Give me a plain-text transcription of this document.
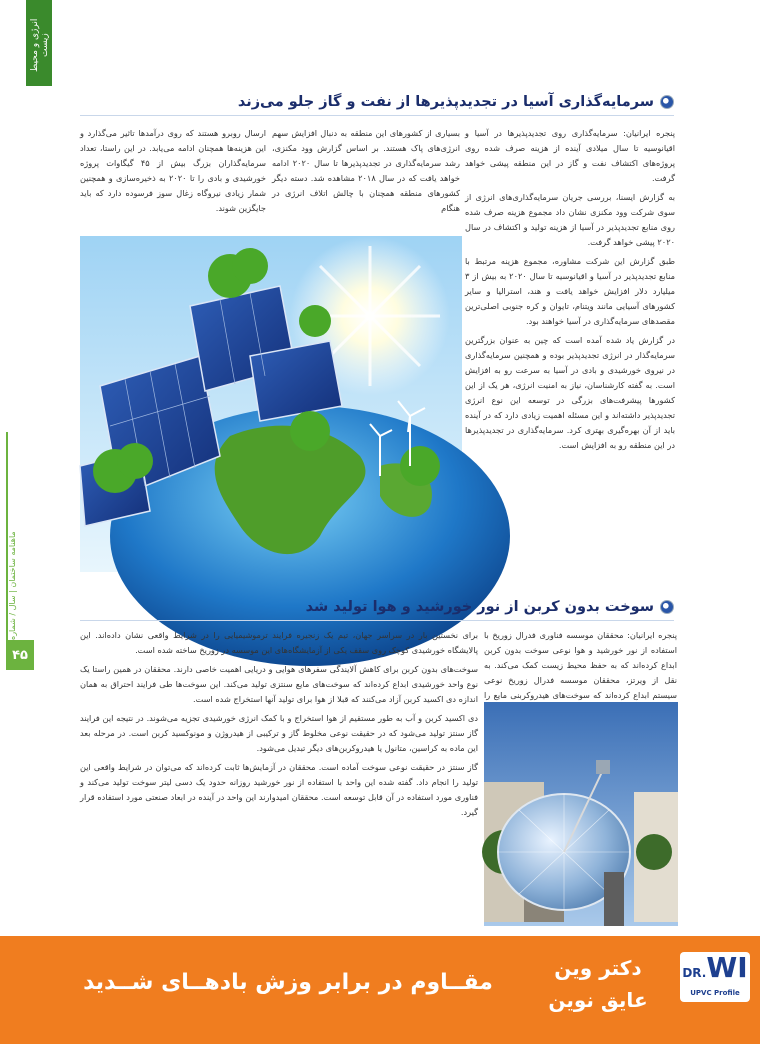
انرژی و محیط زیست
ماهنامه ساختمان | سال / شماره
۴۵
سرمایه‌گذاری آسیا در تجدیدپذیرها از نفت و گاز جلو می‌زند

پنجره ایرانیان: سرمایه‌گذاری روی تجدیدپذیرها در آسیا و اقیانوسیه تا سال میلادی آینده از هزینه صرف شده روی پروژه‌های اکتشاف نفت و گاز در این منطقه پیشی خواهد گرفت.

به گزارش ایسنا، بررسی جریان سرمایه‌گذاری‌های انرژی از سوی شرکت وود مکنزی نشان داد مجموع هزینه صرف شده روی منابع تجدیدپذیر در آسیا از هزینه تولید و اکتشاف در سال ۲۰۲۰ پیشی خواهد گرفت.

طبق گزارش این شرکت مشاوره، مجموع هزینه مرتبط با منابع تجدیدپذیر در آسیا و اقیانوسیه تا سال ۲۰۲۰ به بیش از ۳ میلیارد دلار افزایش خواهد یافت و هند، استرالیا و سایر کشورهای آسیایی مانند ویتنام، تایوان و کره جنوبی اصلی‌ترین مقصدهای سرمایه‌گذاری در آسیا خواهند بود.

در گزارش یاد شده آمده است که چین به عنوان بزرگترین سرمایه‌گذار در انرژی تجدیدپذیر بوده و همچنین سرمایه‌گذاری در نیروی خورشیدی و بادی در آسیا به سرعت رو به افزایش است. به گفته کارشناسان، نیاز به امنیت انرژی، هر یک از این کشورها پیشرفت‌های بزرگی در توسعه این نوع انرژی تجدیدپذیر داشته‌اند و این مسئله اهمیت زیادی دارد که در آینده باید از آن بهره‌گیری بهتری کرد. سرمایه‌گذاری در تجدیدپذیرها در این منطقه رو به افزایش است.

بسیاری از کشورهای این منطقه به دنبال افزایش سهم انرژی‌های پاک هستند. بر اساس گزارش وود مکنزی، رشد سرمایه‌گذاری در تجدیدپذیرها تا سال ۲۰۲۰ ادامه خواهد یافت که در سال ۲۰۱۸ مشاهده شد. دسته دیگر کشورهای منطقه همچنان با چالش اتلاف انرژی در هنگام

ارسال روبرو هستند که روی درآمدها تاثیر می‌گذارد و این هزینه‌ها همچنان ادامه می‌یابد. در این راستا، تعداد سرمایه‌گذاران بزرگ بیش از ۴۵ گیگاوات پروژه خورشیدی و بادی را تا ۲۰۲۰ به ذخیره‌سازی و همچنین شمار زیادی نیروگاه زغال سوز فرسوده دارد که باید جایگزین شوند.

سوخت بدون کربن از نور خورشید و هوا تولید شد

پنجره ایرانیان: محققان موسسه فناوری فدرال زوریخ با استفاده از نور خورشید و هوا نوعی سوخت بدون کربن ابداع کرده‌اند که به حفظ محیط زیست کمک می‌کند. به نقل از ویرتز، محققان موسسه فدرال زوریخ نوعی سیستم ابداع کرده‌اند که سوخت‌های هیدروکربنی مایع را

برای نخستین بار در سراسر جهان، تیم یک زنجیره فرایند ترموشیمیایی را در شرایط واقعی نشان داده‌اند. این پالایشگاه خورشیدی کوچک روی سقف یکی از آزمایشگاه‌های این موسسه در زوریخ ساخته شده است.

سوخت‌های بدون کربن برای کاهش آلایندگی سفرهای هوایی و دریایی اهمیت خاصی دارند. محققان در همین راستا یک نوع واحد خورشیدی ابداع کرده‌اند که سوخت‌های مایع سنتزی تولید می‌کند. این سوخت‌ها طی فرایند احتراق به همان اندازه دی اکسید کربن آزاد می‌کنند که قبلا از هوا برای تولید آنها استخراج شده است.

دی اکسید کربن و آب به طور مستقیم از هوا استخراج و با کمک انرژی خورشیدی تجزیه می‌شوند. در نتیجه این فرایند گاز سنتز تولید می‌شود که در حقیقت نوعی مخلوط گاز و ترکیبی از هیدروژن و مونوکسید کربن است. در مرحله بعد این ماده به کراسین، متانول یا هیدروکربن‌های دیگر تبدیل می‌شود.

گاز سنتز در حقیقت نوعی سوخت آماده است. محققان در آزمایش‌ها ثابت کرده‌اند که می‌توان در شرایط واقعی این تولید را انجام داد. گفته شده این واحد با استفاده از نور خورشید روزانه حدود یک دسی لیتر سوخت تولید می‌کند و فناوری مورد استفاده در آن قابل توسعه است. محققان امیدوارند این واحد در آینده در ابعاد صنعتی مورد استفاده قرار گیرد.

مقــاوم در برابر وزش بادهــای شــدید
دکتر وین
عایق نوین
DR.WI
UPVC Profile
